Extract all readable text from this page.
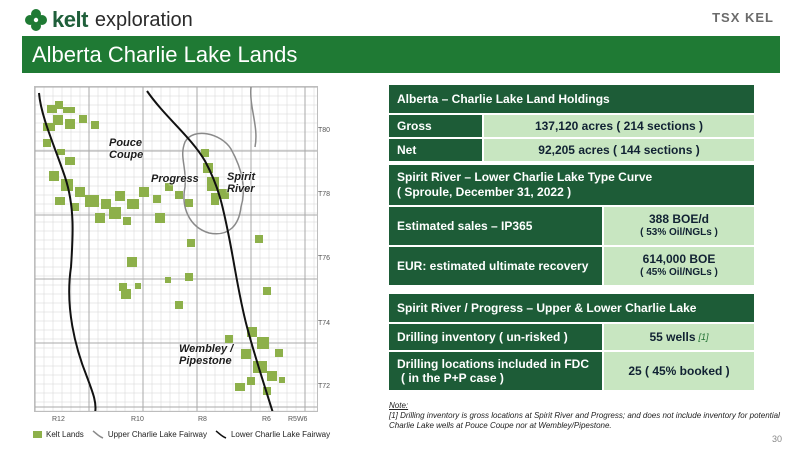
kelt exploration	TSX KEL
Alberta Charlie Lake Lands
Pouce
Coupe
Progress	Spirit
River
Wembley /
Pipestone
T80
T78
T76
T74
T72
R12	R10	R8	R6 R5W6
Kelt Lands	Upper Charlie Lake Fairway	Lower Charlie Lake Fairway
Alberta – Charlie Lake Land Holdings
Gross	137,120 acres ( 214 sections )
Net	92,205 acres ( 144 sections )
Spirit River – Lower Charlie Lake Type Curve
( Sproule, December 31, 2022 )
Estimated sales – IP365	388 BOE/d
( 53% Oil/NGLs )
EUR: estimated ultimate recovery	614,000 BOE
( 45% Oil/NGLs )
Spirit River / Progress – Upper & Lower Charlie Lake
Drilling inventory ( un-risked )	55 wells [1]
Drilling locations included in FDC
( in the P+P case )	25 ( 45% booked )
Note:
[1] Drilling inventory is gross locations at Spirit River and Progress; and does not include inventory for potential Charlie Lake wells at Pouce Coupe nor at Wembley/Pipestone.
30
